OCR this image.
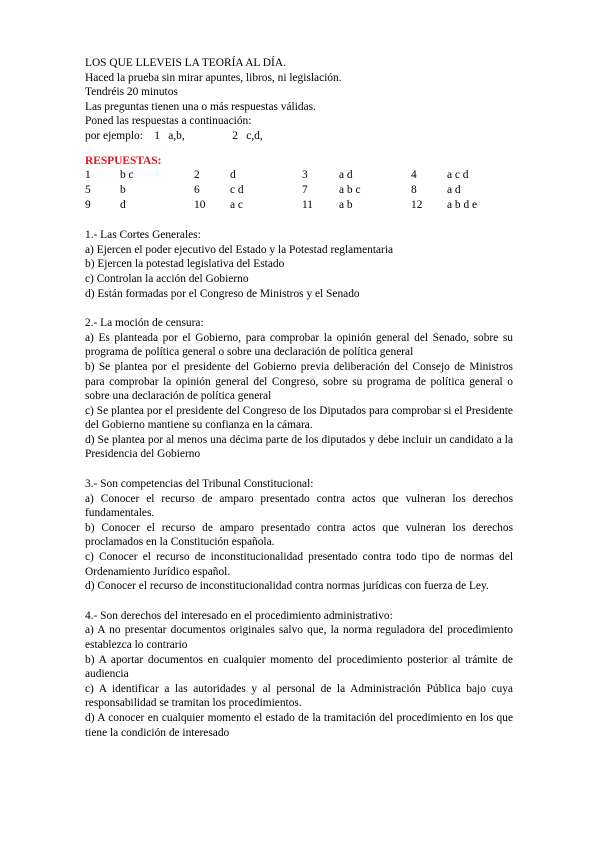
LOS QUE LLEVEIS LA TEORÍA AL DÍA.
Haced la prueba sin mirar apuntes, libros, ni legislación.
Tendréis 20 minutos
Las preguntas tienen una o más respuestas válidas.
Poned las respuestas a continuación:
por ejemplo: 1 a,b,	2 c,d,
RESPUESTAS:
1	b c	2	d	3	a d	4	a c d
5	b	6	c d	7	a b c	8	a d
9	d	10 a c	11 a b	12 a b d e
1.- Las Cortes Generales:
a) Ejercen el poder ejecutivo del Estado y la Potestad reglamentaria
b) Ejercen la potestad legislativa del Estado
c) Controlan la acción del Gobierno
d) Están formadas por el Congreso de Ministros y el Senado
2.- La moción de censura:
a) Es planteada por el Gobierno, para comprobar la opinión general del Senado, sobre su programa de política general o sobre una declaración de política general
b) Se plantea por el presidente del Gobierno previa deliberación del Consejo de Ministros para comprobar la opinión general del Congreso, sobre su programa de política general o sobre una declaración de política general
c) Se plantea por el presidente del Congreso de los Diputados para comprobar si el Presidente del Gobierno mantiene su confianza en la cámara.
d) Se plantea por al menos una décima parte de los diputados y debe incluir un candidato a la Presidencia del Gobierno
3.- Son competencias del Tribunal Constitucional:
a) Conocer el recurso de amparo presentado contra actos que vulneran los derechos fundamentales.
b) Conocer el recurso de amparo presentado contra actos que vulneran los derechos proclamados en la Constitución española.
c) Conocer el recurso de inconstitucionalidad presentado contra todo tipo de normas del Ordenamiento Jurídico español.
d) Conocer el recurso de inconstitucionalidad contra normas jurídicas con fuerza de Ley.
4.- Son derechos del interesado en el procedimiento administrativo:
a) A no presentar documentos originales salvo que, la norma reguladora del procedimiento establezca lo contrario
b) A aportar documentos en cualquier momento del procedimiento posterior al trámite de audiencia
c) A identificar a las autoridades y al personal de la Administración Pública bajo cuya responsabilidad se tramitan los procedimientos.
d) A conocer en cualquier momento el estado de la tramitación del procedimiento en los que tiene la condición de interesado
